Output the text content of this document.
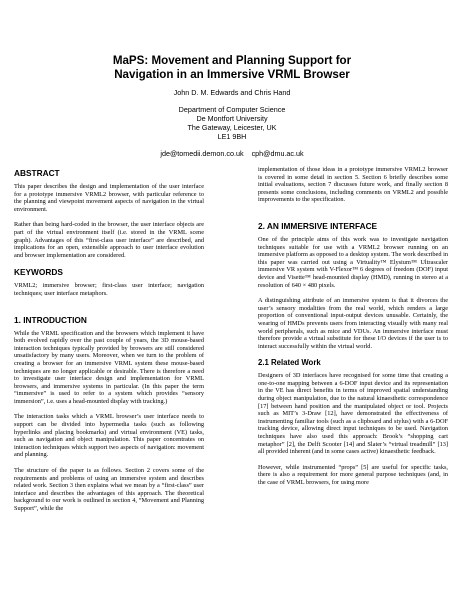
MaPS: Movement and Planning Support for
Navigation in an Immersive VRML Browser
John D. M. Edwards and Chris Hand
Department of Computer Science
De Montfort University
The Gateway, Leicester, UK
LE1 9BH
jde@tomedii.demon.co.uk    cph@dmu.ac.uk
ABSTRACT

This paper describes the design and implementation of the user interface for a prototype immersive VRML2 browser, with particular reference to the planning and viewpoint movement aspects of navigation in the virtual environment.

Rather than being hard-coded in the browser, the user interface objects are part of the virtual environment itself (i.e. stored in the VRML scene graph). Advantages of this “first-class user interface” are described, and implications for an open, extensible approach to user interface evolution and browser implementation are considered.

KEYWORDS

VRML2; immersive browser; first-class user interface; navigation techniques; user interface metaphors.

1. INTRODUCTION

While the VRML specification and the browsers which implement it have both evolved rapidly over the past couple of years, the 3D mouse-based interaction techniques typically provided by browsers are still considered unsatisfactory by many users. Moreover, when we turn to the problem of creating a browser for an immersive VRML system these mouse-based techniques are no longer applicable or desirable. There is therefore a need to investigate user interface design and implementation for VRML browsers, and immersive systems in particular. (In this paper the term “immersive” is used to refer to a system which provides “sensory immersion”, i.e. uses a head-mounted display with tracking.)

The interaction tasks which a VRML browser’s user interface needs to support can be divided into hypermedia tasks (such as following hyperlinks and placing bookmarks) and virtual environment (VE) tasks, such as navigation and object manipulation. This paper concentrates on interaction techniques which support two aspects of navigation: movement and planning.

The structure of the paper is as follows. Section 2 covers some of the requirements and problems of using an immersive system and describes related work. Section 3 then explains what we mean by a “first-class” user interface and describes the advantages of this approach. The theoretical background to our work is outlined in section 4, “Movement and Planning Support”, while the

implementation of those ideas in a prototype immersive VRML2 browser is covered in some detail in section 5. Section 6 briefly describes some initial evaluations, section 7 discusses future work, and finally section 8 presents some conclusions, including comments on VRML2 and possible improvements to the specification.

2. AN IMMERSIVE INTERFACE

One of the principle aims of this work was to investigate navigation techniques suitable for use with a VRML2 browser running on an immersive platform as opposed to a desktop system. The work described in this paper was carried out using a Virtuality™ Elysium™ Ultrascaler immersive VR system with V-Flexor™ 6 degrees of freedom (DOF) input device and Visette™ head-mounted display (HMD), running in stereo at a resolution of 640 × 480 pixels.

A distinguishing attribute of an immersive system is that it divorces the user’s sensory modalities from the real world, which renders a large proportion of conventional input-output devices unusable. Certainly, the wearing of HMDs prevents users from interacting visually with many real world peripherals, such as mice and VDUs. An immersive interface must therefore provide a virtual substitute for these I/O devices if the user is to interact successfully within the virtual world.

2.1 Related Work

Designers of 3D interfaces have recognised for some time that creating a one-to-one mapping between a 6-DOF input device and its representation in the VE has direct benefits in terms of improved spatial understanding during object manipulation, due to the natural kinaesthetic correspondence [17] between hand position and the manipulated object or tool. Projects such as MIT’s 3-Draw [12], have demonstrated the effectiveness of instrumenting familiar tools (such as a clipboard and stylus) with a 6-DOF tracking device, allowing direct input techniques to be used. Navigation techniques have also used this approach: Brook’s “shopping cart metaphor” [2], the Delft Scooter [14] and Slater’s “virtual treadmill” [13] all provided inherent (and in some cases active) kinaesthetic feedback.

However, while instrumented “props” [5] are useful for specific tasks, there is also a requirement for more general purpose techniques (and, in the case of VRML browsers, for using more
